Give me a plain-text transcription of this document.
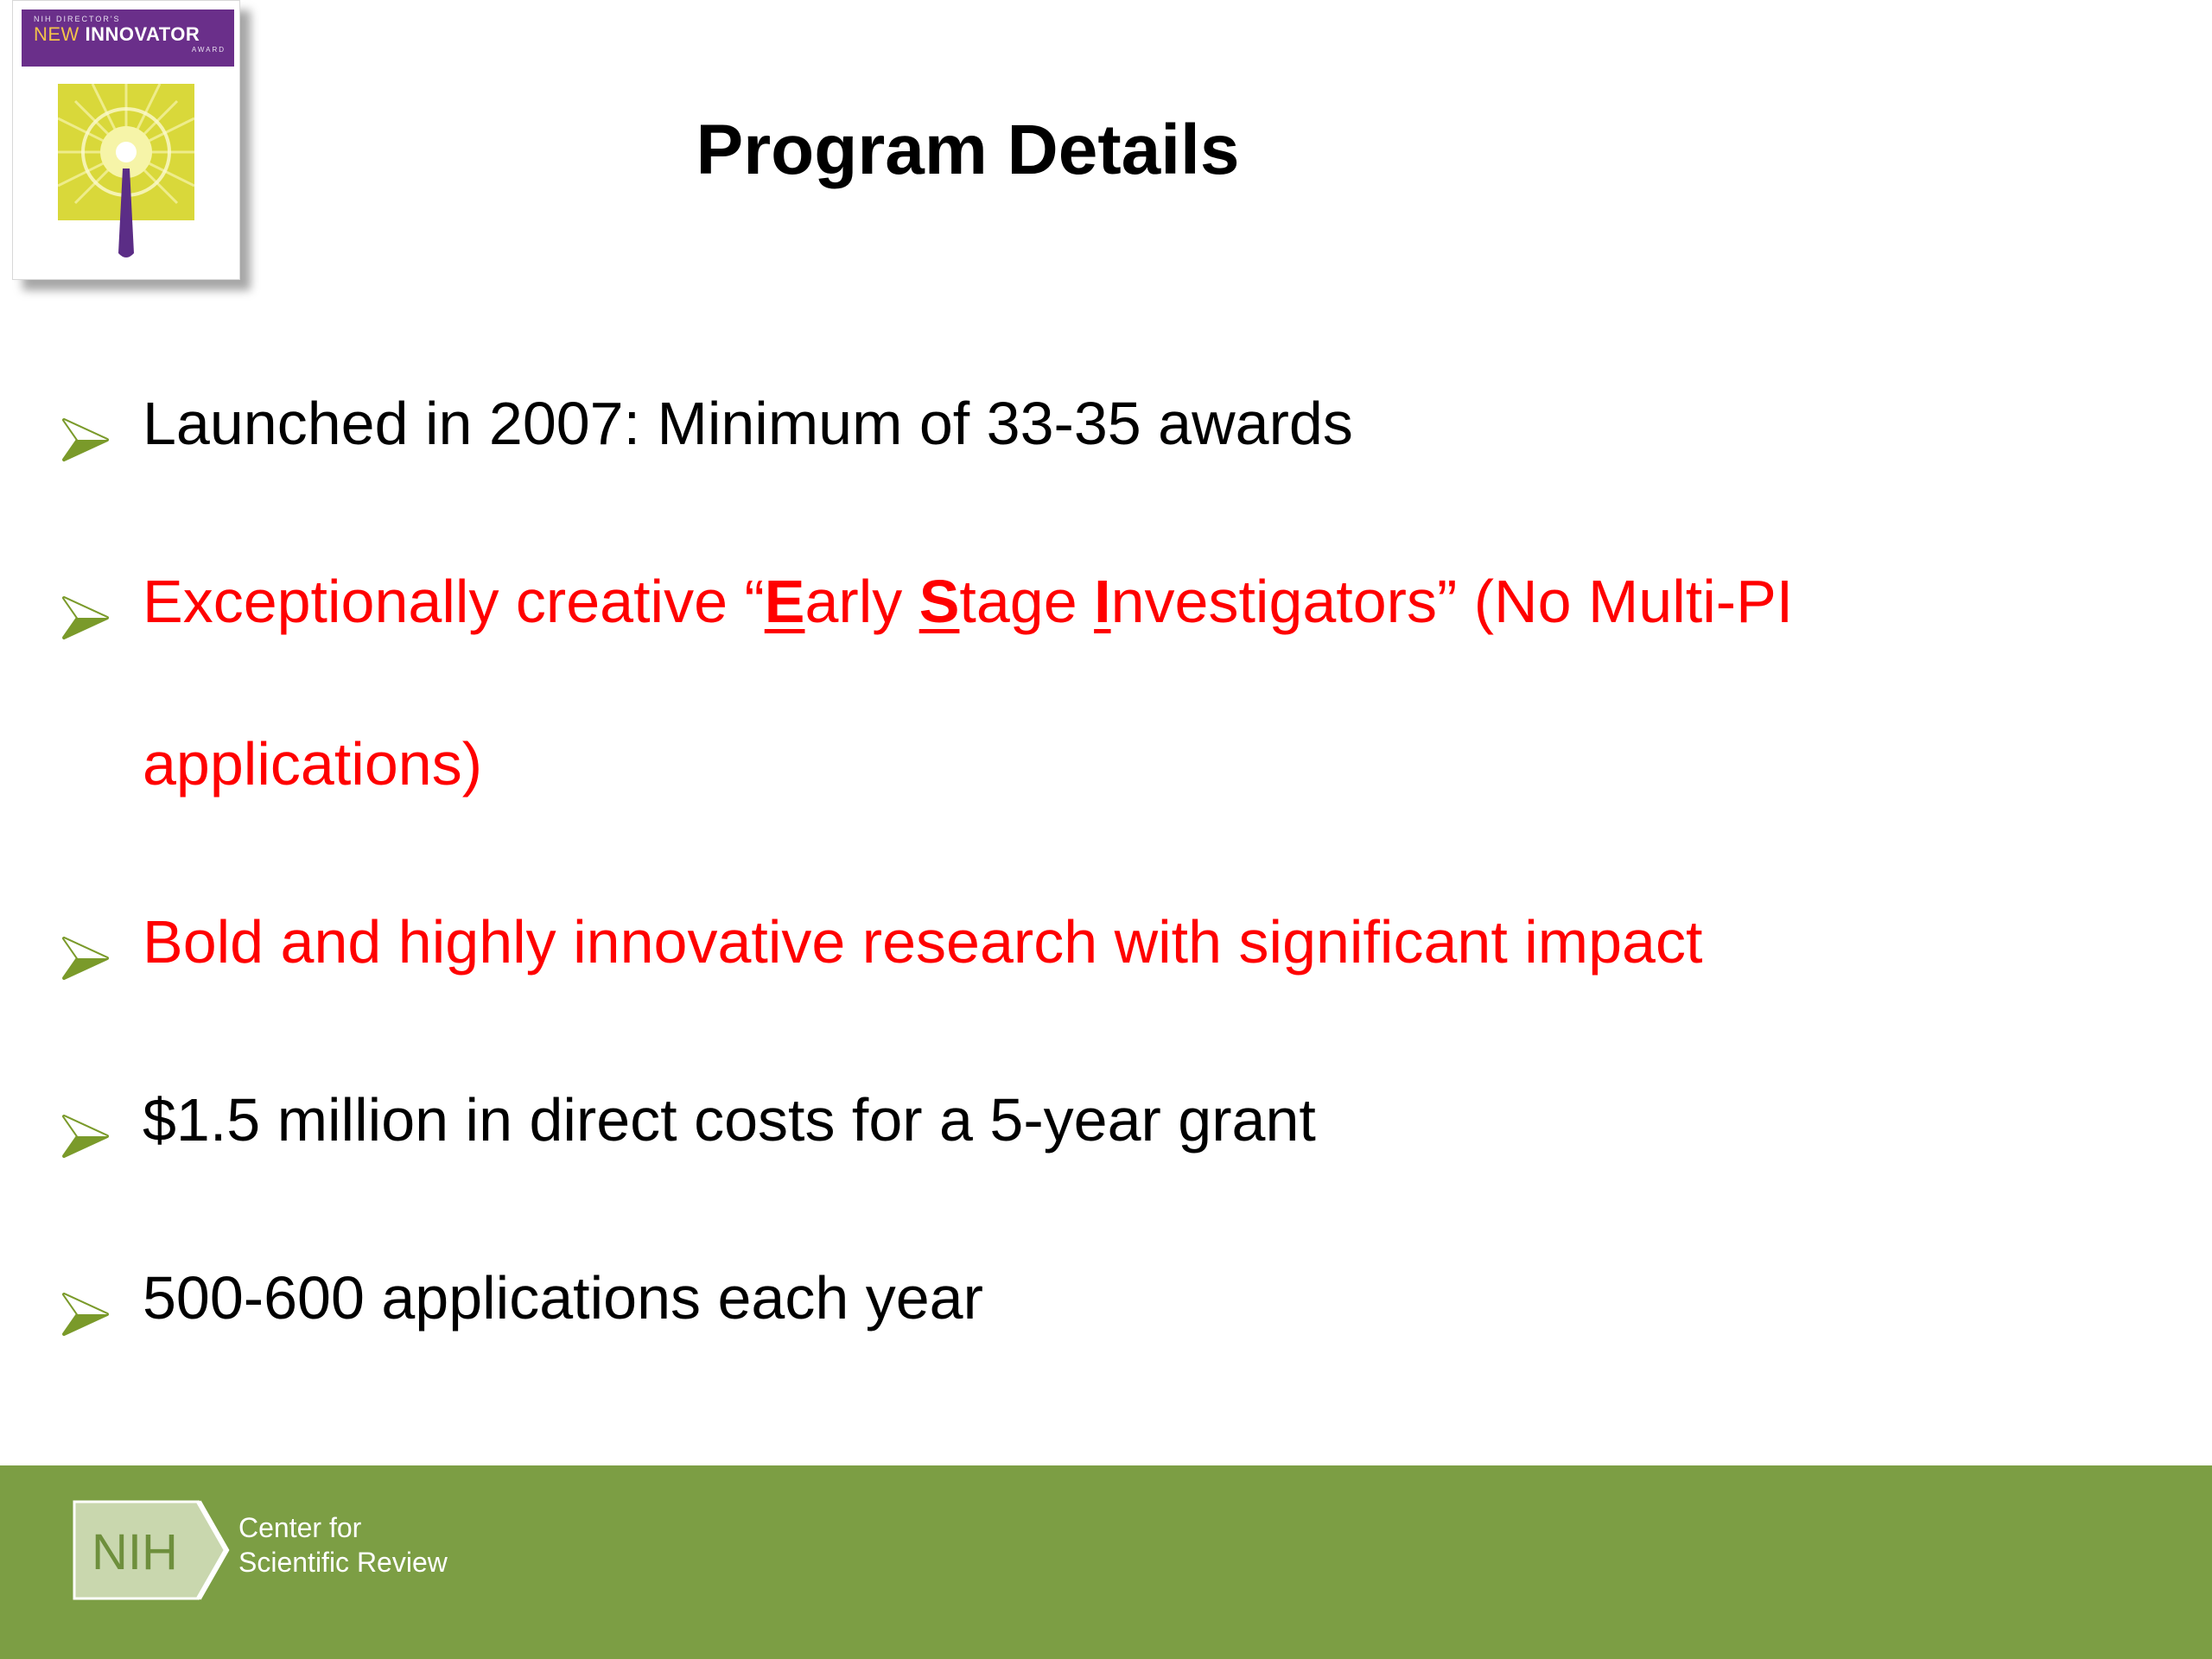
NIH DIRECTOR'S
NEW INNOVATOR
AWARD
Program Details
Launched in 2007: Minimum of 33-35 awards
Exceptionally creative “Early Stage Investigators” (No Multi-PI applications)
Bold and highly innovative research with significant impact
$1.5 million in direct costs for a 5-year grant
500-600 applications each year
NIH Center for
Scientific Review
